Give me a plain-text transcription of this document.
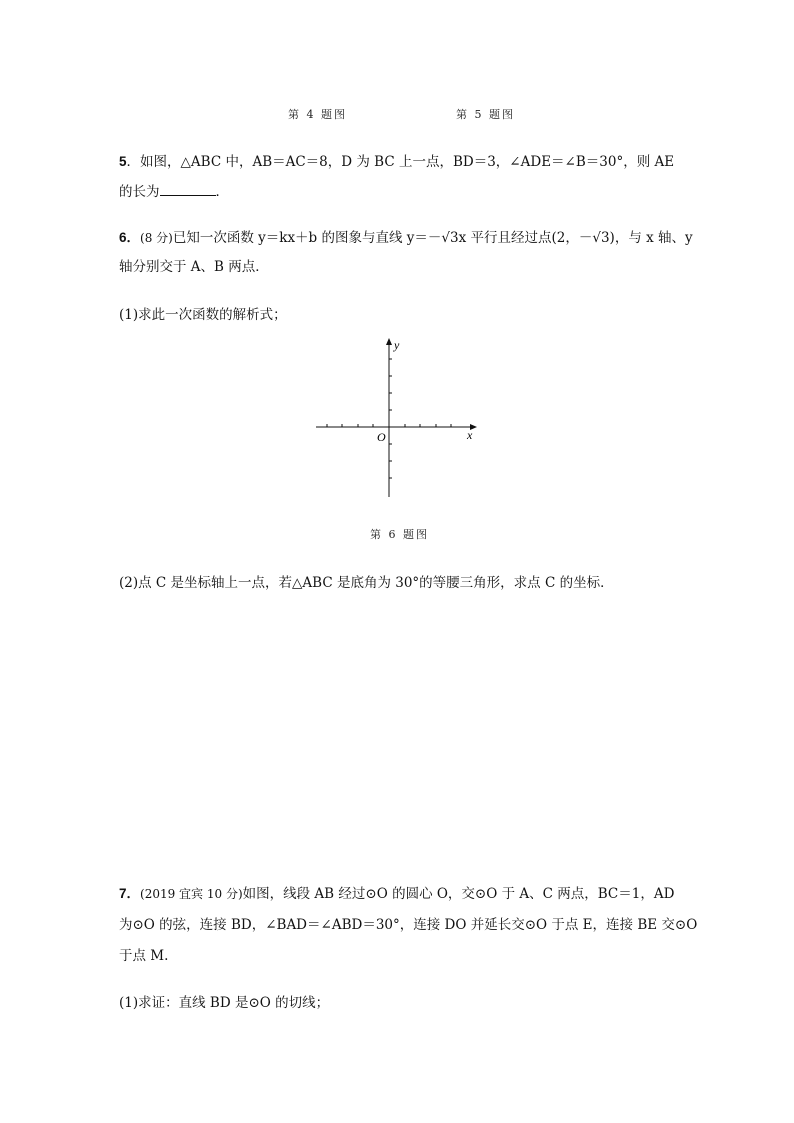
第 4 题图	第 5 题图
5．如图，△ABC 中，AB＝AC＝8，D 为 BC 上一点，BD＝3，∠ADE＝∠B＝30°，则 AE
的长为	．
6．(8 分)已知一次函数 y＝kx＋b 的图象与直线 y＝－√3x 平行且经过点(2，－√3)，与 x 轴、y
轴分别交于 A、B 两点．
(1)求此一次函数的解析式；
y
x
O
第 6 题图
(2)点 C 是坐标轴上一点，若△ABC 是底角为 30°的等腰三角形，求点 C 的坐标．
7．(2019 宜宾 10 分)如图，线段 AB 经过⊙O 的圆心 O，交⊙O 于 A、C 两点，BC＝1，AD
为⊙O 的弦，连接 BD，∠BAD＝∠ABD＝30°，连接 DO 并延长交⊙O 于点 E，连接 BE 交⊙O
于点 M.
(1)求证：直线 BD 是⊙O 的切线；
